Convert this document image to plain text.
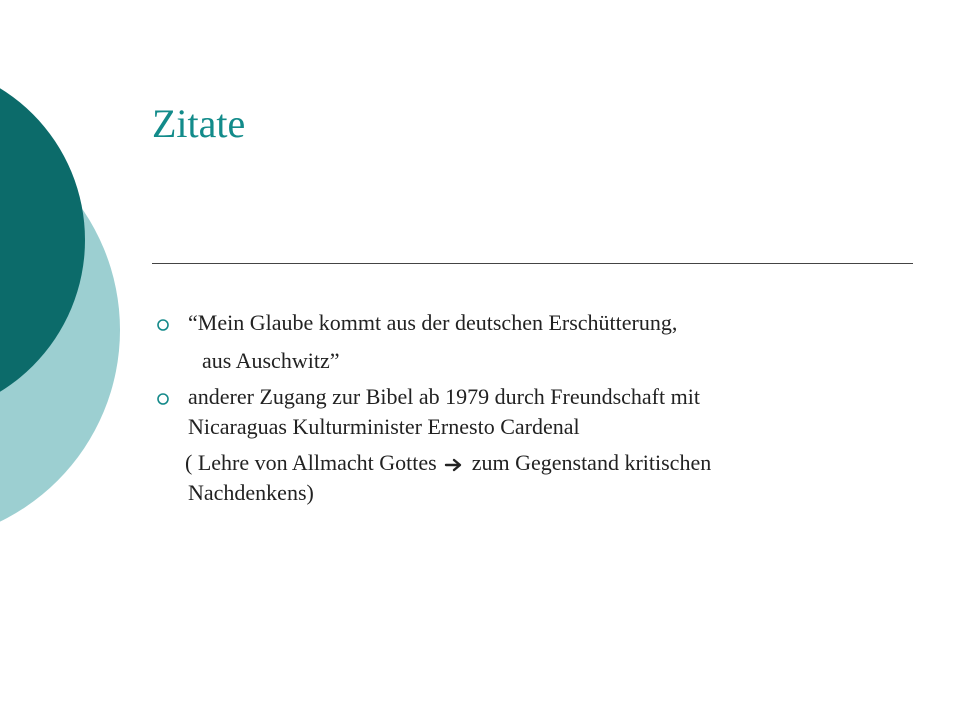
Zitate
“Mein Glaube kommt aus der deutschen Erschütterung,
aus Auschwitz”
anderer Zugang zur Bibel ab 1979 durch Freundschaft mit
Nicaraguas Kulturminister Ernesto Cardenal
( Lehre von Allmacht Gottes zum Gegenstand kritischen
Nachdenkens)
